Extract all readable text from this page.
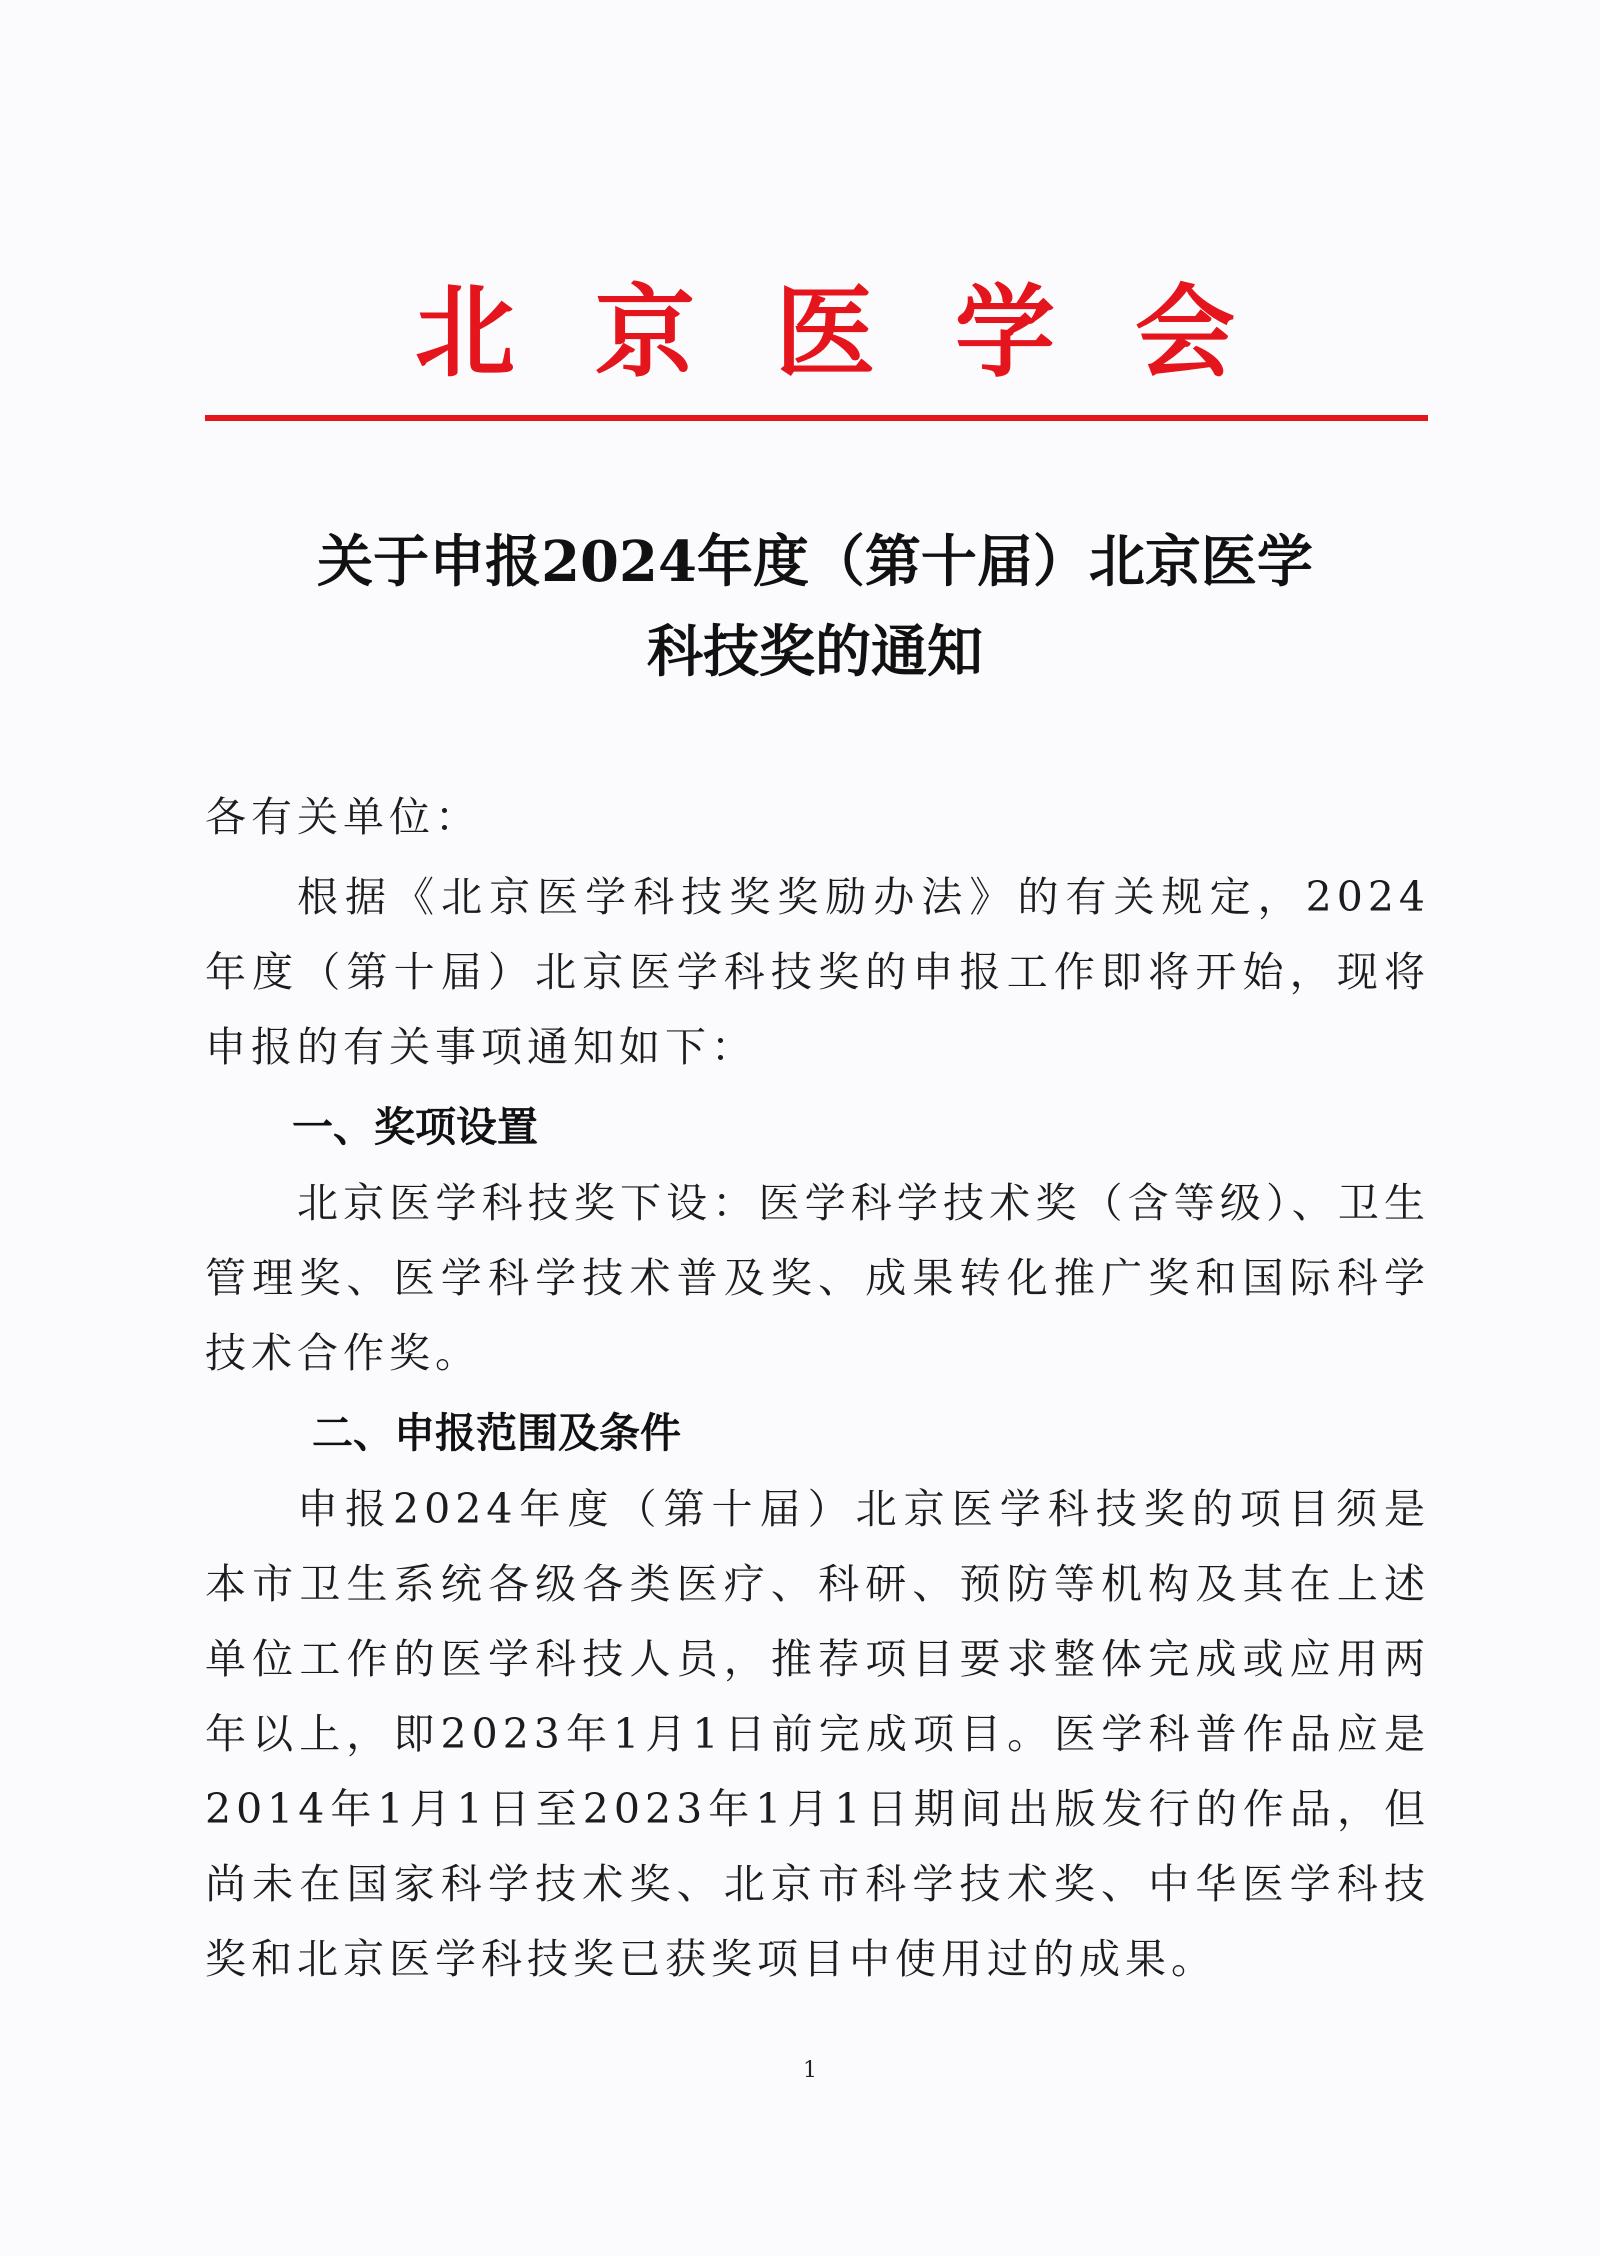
北京医学会
关于申报2024年度（第十届）北京医学
科技奖的通知
各有关单位：
根据《北京医学科技奖奖励办法》的有关规定，2024年度（第十届）北京医学科技奖的申报工作即将开始，现将申报的有关事项通知如下：
一、奖项设置
北京医学科技奖下设：医学科学技术奖（含等级）、卫生管理奖、医学科学技术普及奖、成果转化推广奖和国际科学技术合作奖。
二、申报范围及条件
申报2024年度（第十届）北京医学科技奖的项目须是本市卫生系统各级各类医疗、科研、预防等机构及其在上述单位工作的医学科技人员，推荐项目要求整体完成或应用两年以上，即2023年1月1日前完成项目。医学科普作品应是2014年1月1日至2023年1月1日期间出版发行的作品，但尚未在国家科学技术奖、北京市科学技术奖、中华医学科技奖和北京医学科技奖已获奖项目中使用过的成果。
1
